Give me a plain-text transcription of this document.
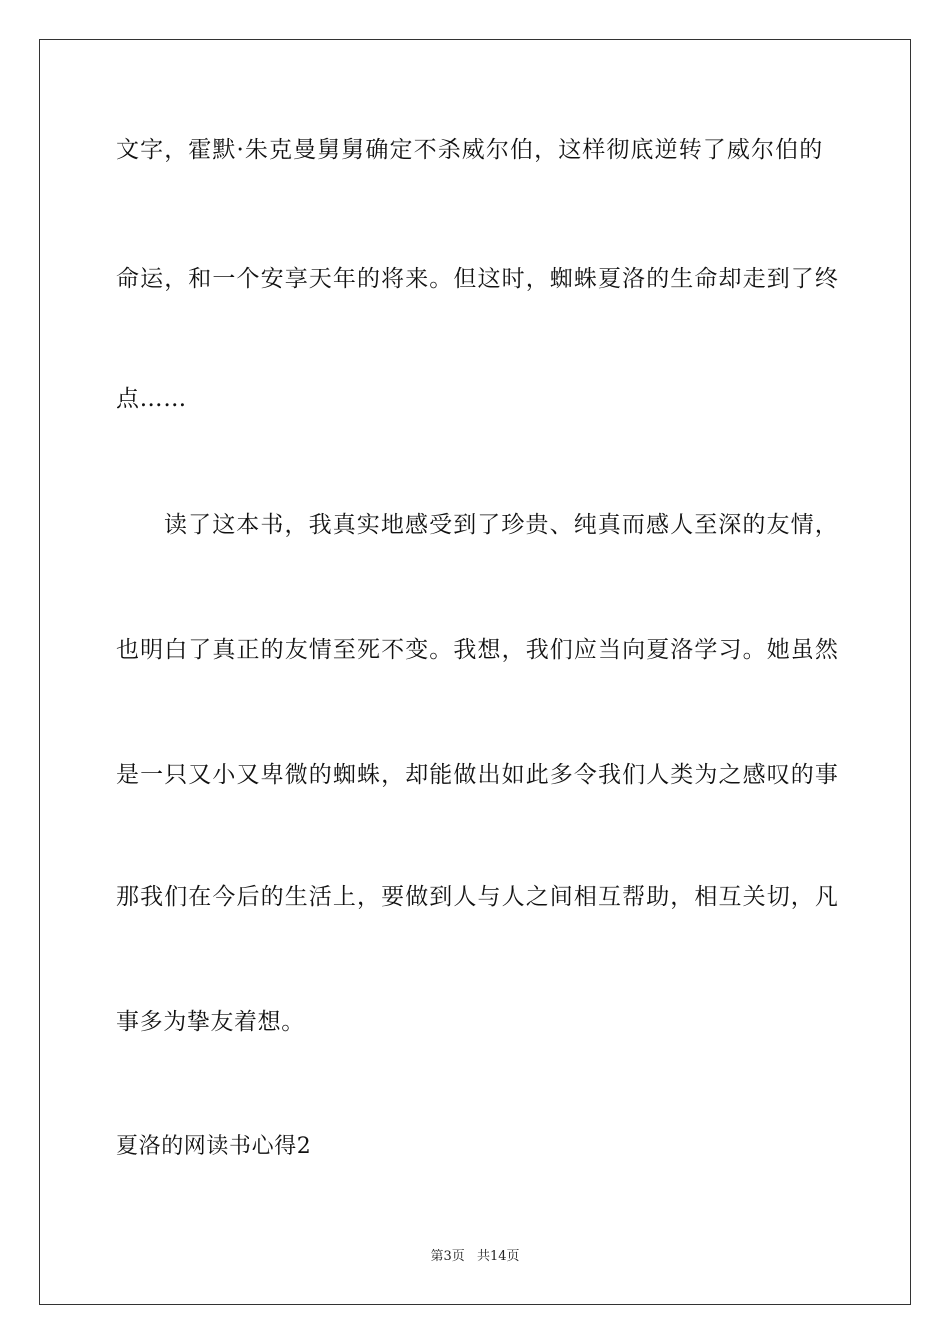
文字，霍默·朱克曼舅舅确定不杀威尔伯，这样彻底逆转了威尔伯的
命运，和一个安享天年的将来。但这时，蜘蛛夏洛的生命却走到了终
点……
读了这本书，我真实地感受到了珍贵、纯真而感人至深的友情，
也明白了真正的友情至死不变。我想，我们应当向夏洛学习。她虽然
是一只又小又卑微的蜘蛛，却能做出如此多令我们人类为之感叹的事
那我们在今后的生活上，要做到人与人之间相互帮助，相互关切，凡
事多为挚友着想。
夏洛的网读书心得2
第3页 共14页
